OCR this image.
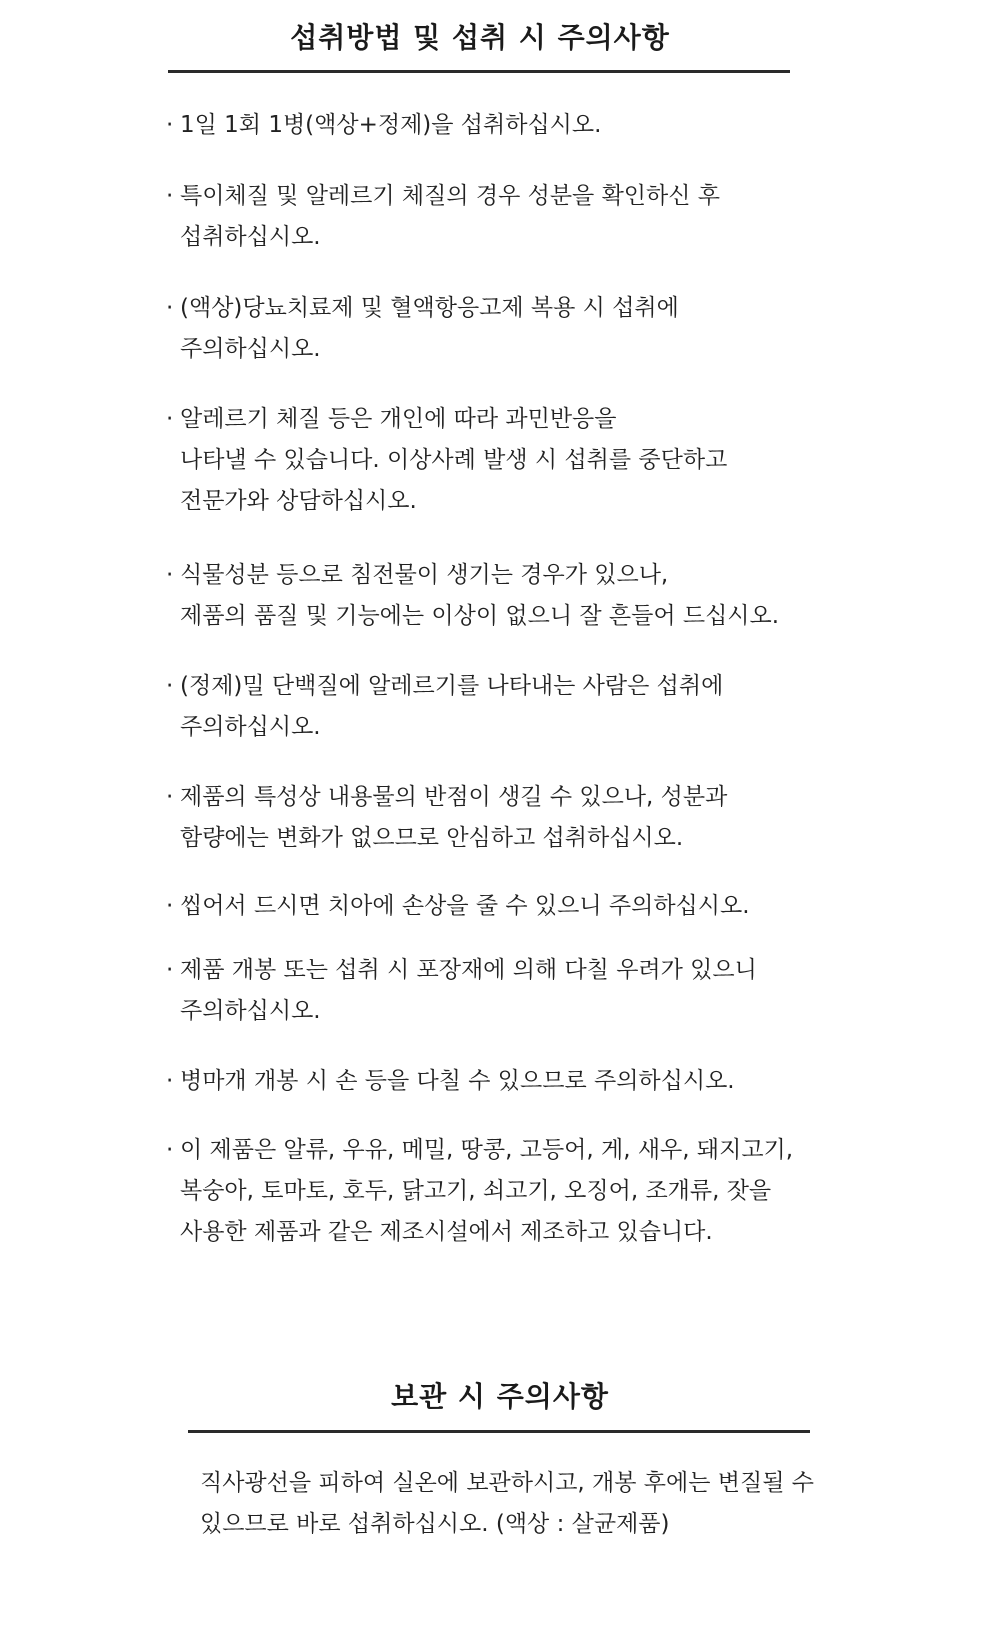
섭취방법 및 섭취 시 주의사항
· 1일 1회 1병(액상+정제)을 섭취하십시오.
· 특이체질 및 알레르기 체질의 경우 성분을 확인하신 후
섭취하십시오.
· (액상)당뇨치료제 및 혈액항응고제 복용 시 섭취에
주의하십시오.
· 알레르기 체질 등은 개인에 따라 과민반응을
나타낼 수 있습니다. 이상사례 발생 시 섭취를 중단하고
전문가와 상담하십시오.
· 식물성분 등으로 침전물이 생기는 경우가 있으나,
제품의 품질 및 기능에는 이상이 없으니 잘 흔들어 드십시오.
· (정제)밀 단백질에 알레르기를 나타내는 사람은 섭취에
주의하십시오.
· 제품의 특성상 내용물의 반점이 생길 수 있으나, 성분과
함량에는 변화가 없으므로 안심하고 섭취하십시오.
· 씹어서 드시면 치아에 손상을 줄 수 있으니 주의하십시오.
· 제품 개봉 또는 섭취 시 포장재에 의해 다칠 우려가 있으니
주의하십시오.
· 병마개 개봉 시 손 등을 다칠 수 있으므로 주의하십시오.
· 이 제품은 알류, 우유, 메밀, 땅콩, 고등어, 게, 새우, 돼지고기,
복숭아, 토마토, 호두, 닭고기, 쇠고기, 오징어, 조개류, 잣을
사용한 제품과 같은 제조시설에서 제조하고 있습니다.
보관 시 주의사항
직사광선을 피하여 실온에 보관하시고, 개봉 후에는 변질될 수
있으므로 바로 섭취하십시오. (액상 : 살균제품)
